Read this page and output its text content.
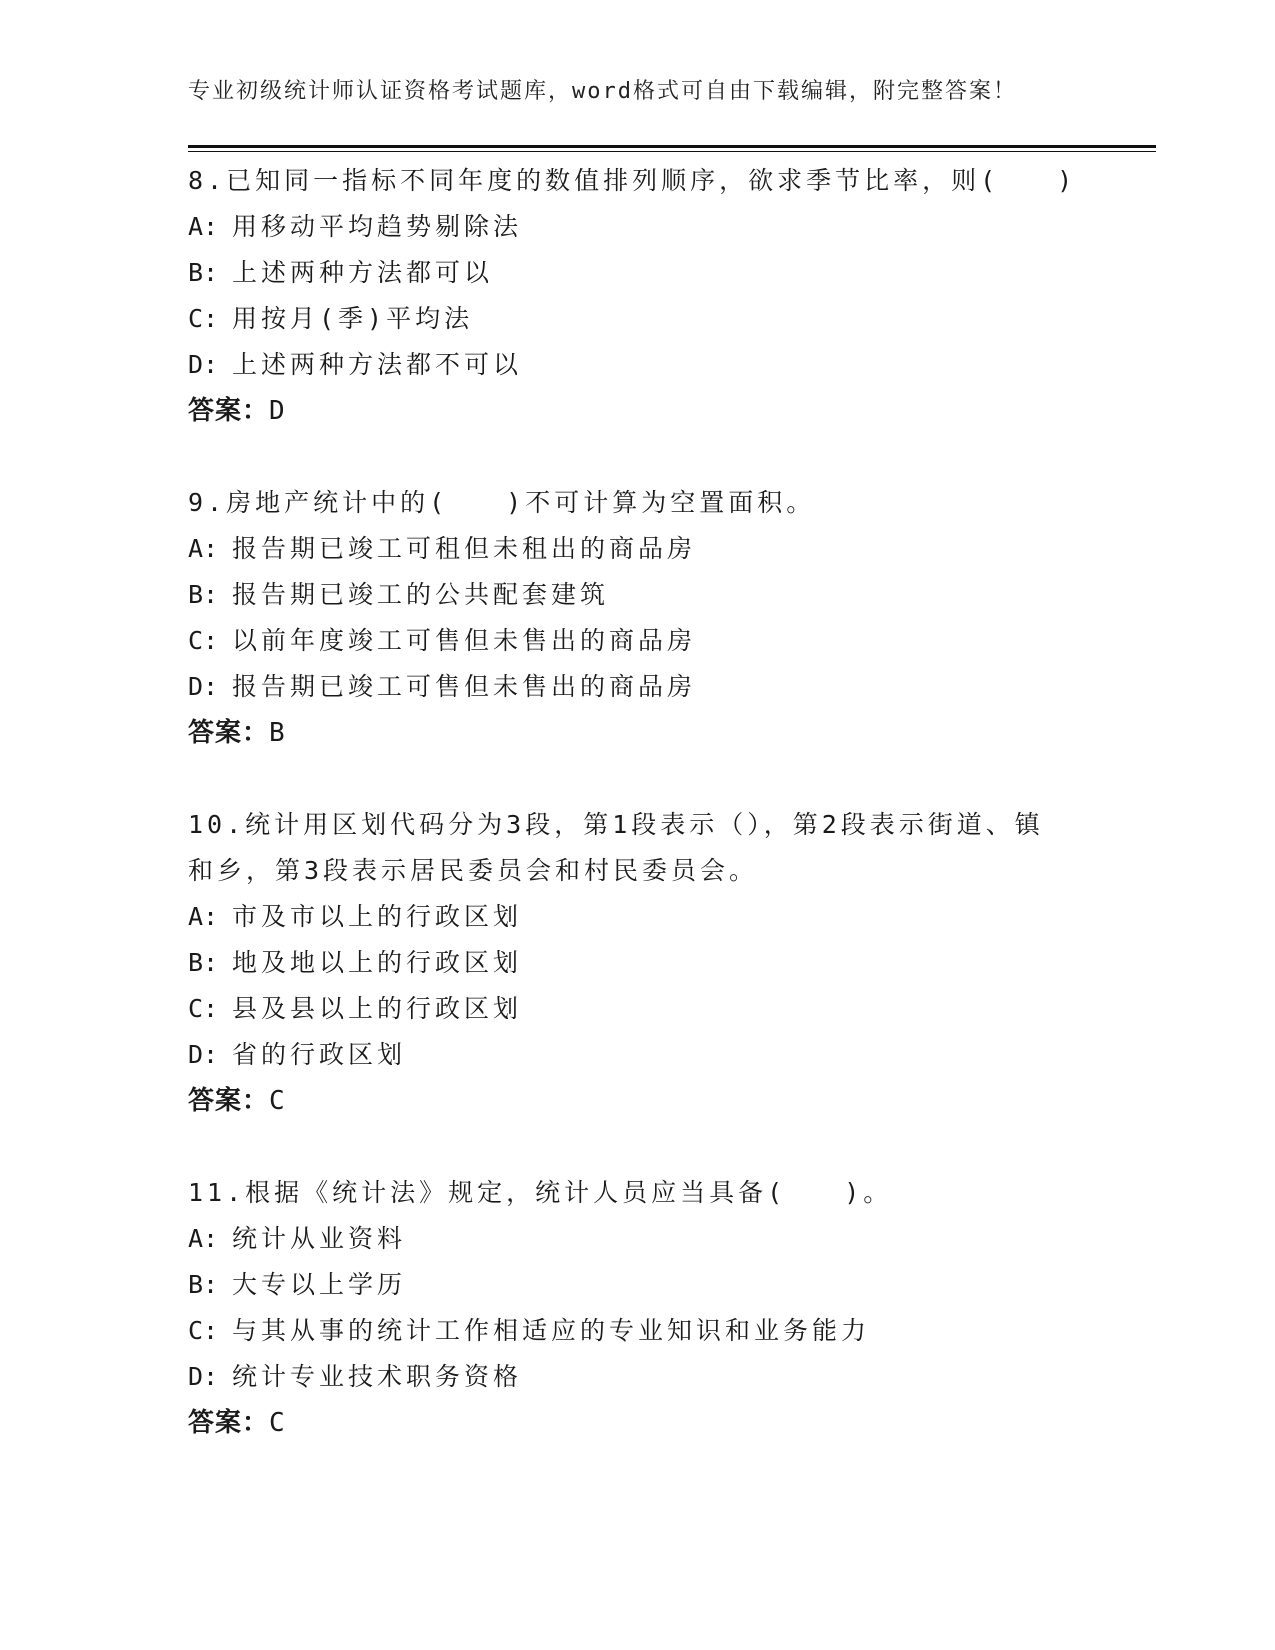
专业初级统计师认证资格考试题库，word格式可自由下载编辑，附完整答案！

8.已知同一指标不同年度的数值排列顺序，欲求季节比率，则(　　)

A: 用移动平均趋势剔除法

B: 上述两种方法都可以

C: 用按月(季)平均法

D: 上述两种方法都不可以

答案：D

9.房地产统计中的(　　)不可计算为空置面积。

A: 报告期已竣工可租但未租出的商品房

B: 报告期已竣工的公共配套建筑

C: 以前年度竣工可售但未售出的商品房

D: 报告期已竣工可售但未售出的商品房

答案：B

10.统计用区划代码分为3段，第1段表示（），第2段表示街道、镇和乡，第3段表示居民委员会和村民委员会。

A: 市及市以上的行政区划

B: 地及地以上的行政区划

C: 县及县以上的行政区划

D: 省的行政区划

答案：C

11.根据《统计法》规定，统计人员应当具备(　　)。

A: 统计从业资料

B: 大专以上学历

C: 与其从事的统计工作相适应的专业知识和业务能力

D: 统计专业技术职务资格

答案：C
